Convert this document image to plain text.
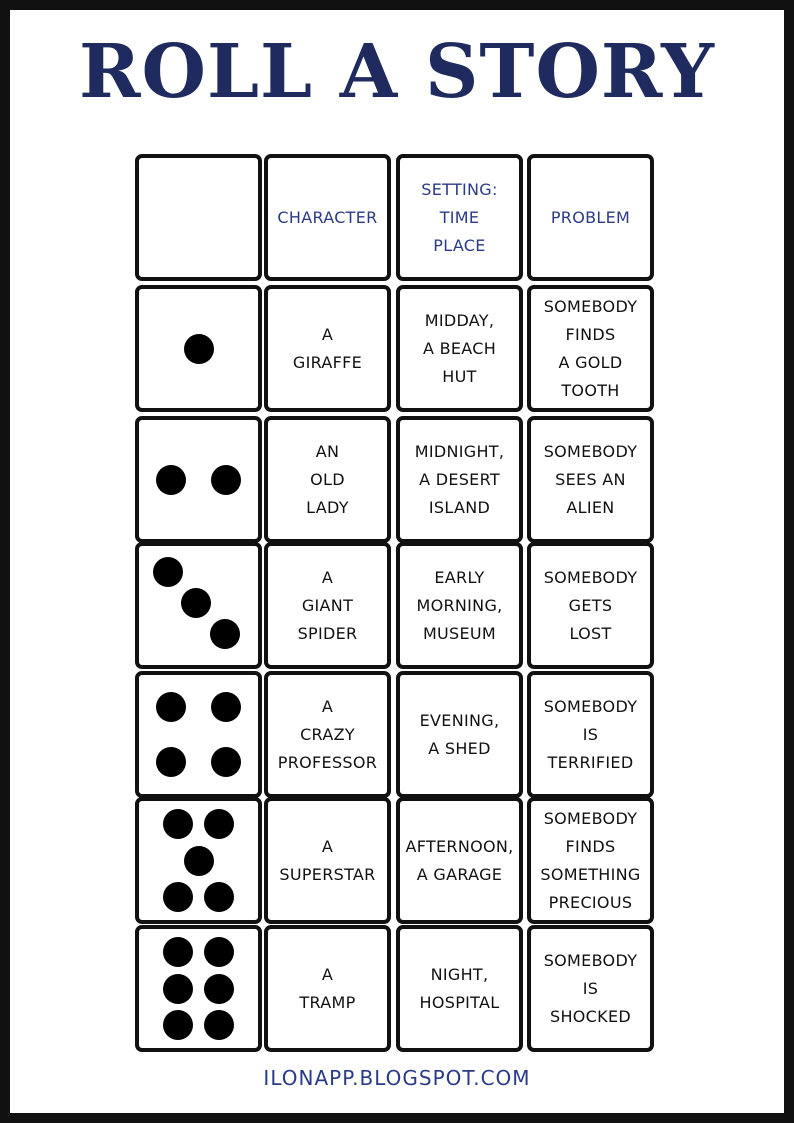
ROLL A STORY
CHARACTER
SETTING:
TIME
PLACE
PROBLEM
A
GIRAFFE
MIDDAY,
A BEACH
HUT
SOMEBODY
FINDS
A GOLD
TOOTH
AN
OLD
LADY
MIDNIGHT,
A DESERT
ISLAND
SOMEBODY
SEES AN
ALIEN
A
GIANT
SPIDER
EARLY
MORNING,
MUSEUM
SOMEBODY
GETS
LOST
A
CRAZY
PROFESSOR
EVENING,
A SHED
SOMEBODY
IS
TERRIFIED
A
SUPERSTAR
AFTERNOON,
A GARAGE
SOMEBODY
FINDS
SOMETHING
PRECIOUS
A
TRAMP
NIGHT,
HOSPITAL
SOMEBODY
IS
SHOCKED
ILONAPP.BLOGSPOT.COM
